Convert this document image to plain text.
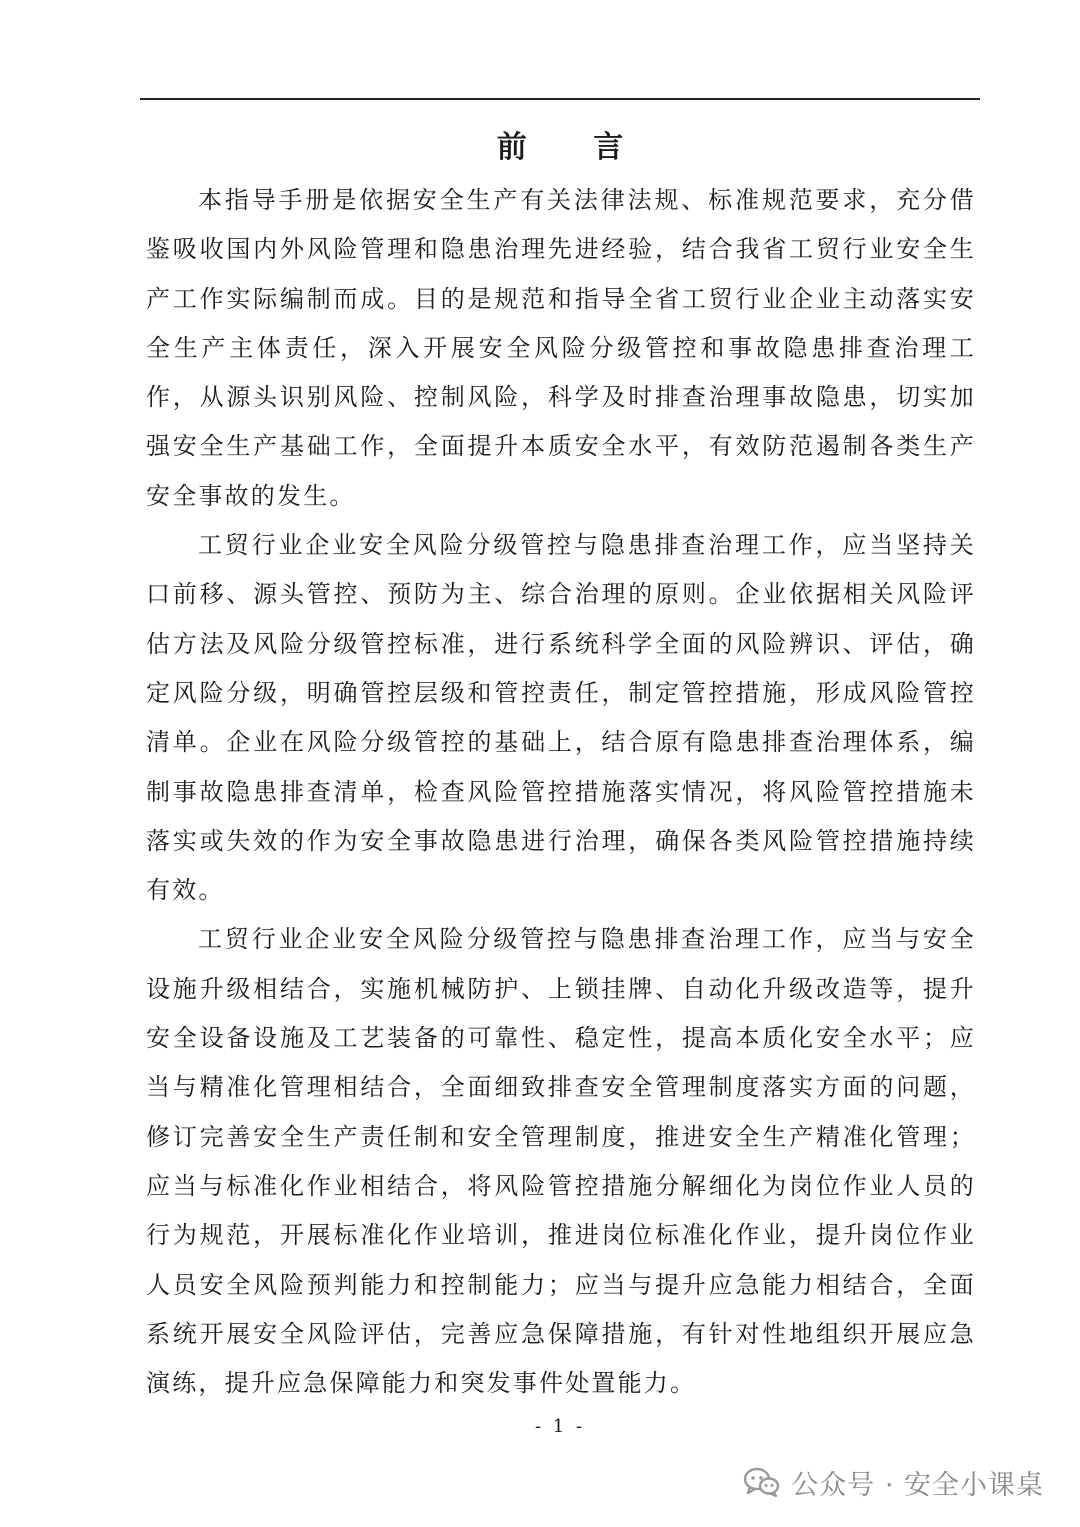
前 言

本指导手册是依据安全生产有关法律法规、标准规范要求，充分借鉴吸收国内外风险管理和隐患治理先进经验，结合我省工贸行业安全生产工作实际编制而成。目的是规范和指导全省工贸行业企业主动落实安全生产主体责任，深入开展安全风险分级管控和事故隐患排查治理工作，从源头识别风险、控制风险，科学及时排查治理事故隐患，切实加强安全生产基础工作，全面提升本质安全水平，有效防范遏制各类生产安全事故的发生。

工贸行业企业安全风险分级管控与隐患排查治理工作，应当坚持关口前移、源头管控、预防为主、综合治理的原则。企业依据相关风险评估方法及风险分级管控标准，进行系统科学全面的风险辨识、评估，确定风险分级，明确管控层级和管控责任，制定管控措施，形成风险管控清单。企业在风险分级管控的基础上，结合原有隐患排查治理体系，编制事故隐患排查清单，检查风险管控措施落实情况，将风险管控措施未落实或失效的作为安全事故隐患进行治理，确保各类风险管控措施持续有效。

工贸行业企业安全风险分级管控与隐患排查治理工作，应当与安全设施升级相结合，实施机械防护、上锁挂牌、自动化升级改造等，提升安全设备设施及工艺装备的可靠性、稳定性，提高本质化安全水平；应当与精准化管理相结合，全面细致排查安全管理制度落实方面的问题，修订完善安全生产责任制和安全管理制度，推进安全生产精准化管理；应当与标准化作业相结合，将风险管控措施分解细化为岗位作业人员的行为规范，开展标准化作业培训，推进岗位标准化作业，提升岗位作业人员安全风险预判能力和控制能力；应当与提升应急能力相结合，全面系统开展安全风险评估，完善应急保障措施，有针对性地组织开展应急演练，提升应急保障能力和突发事件处置能力。

- 1 -
公众号 · 安全小课桌
